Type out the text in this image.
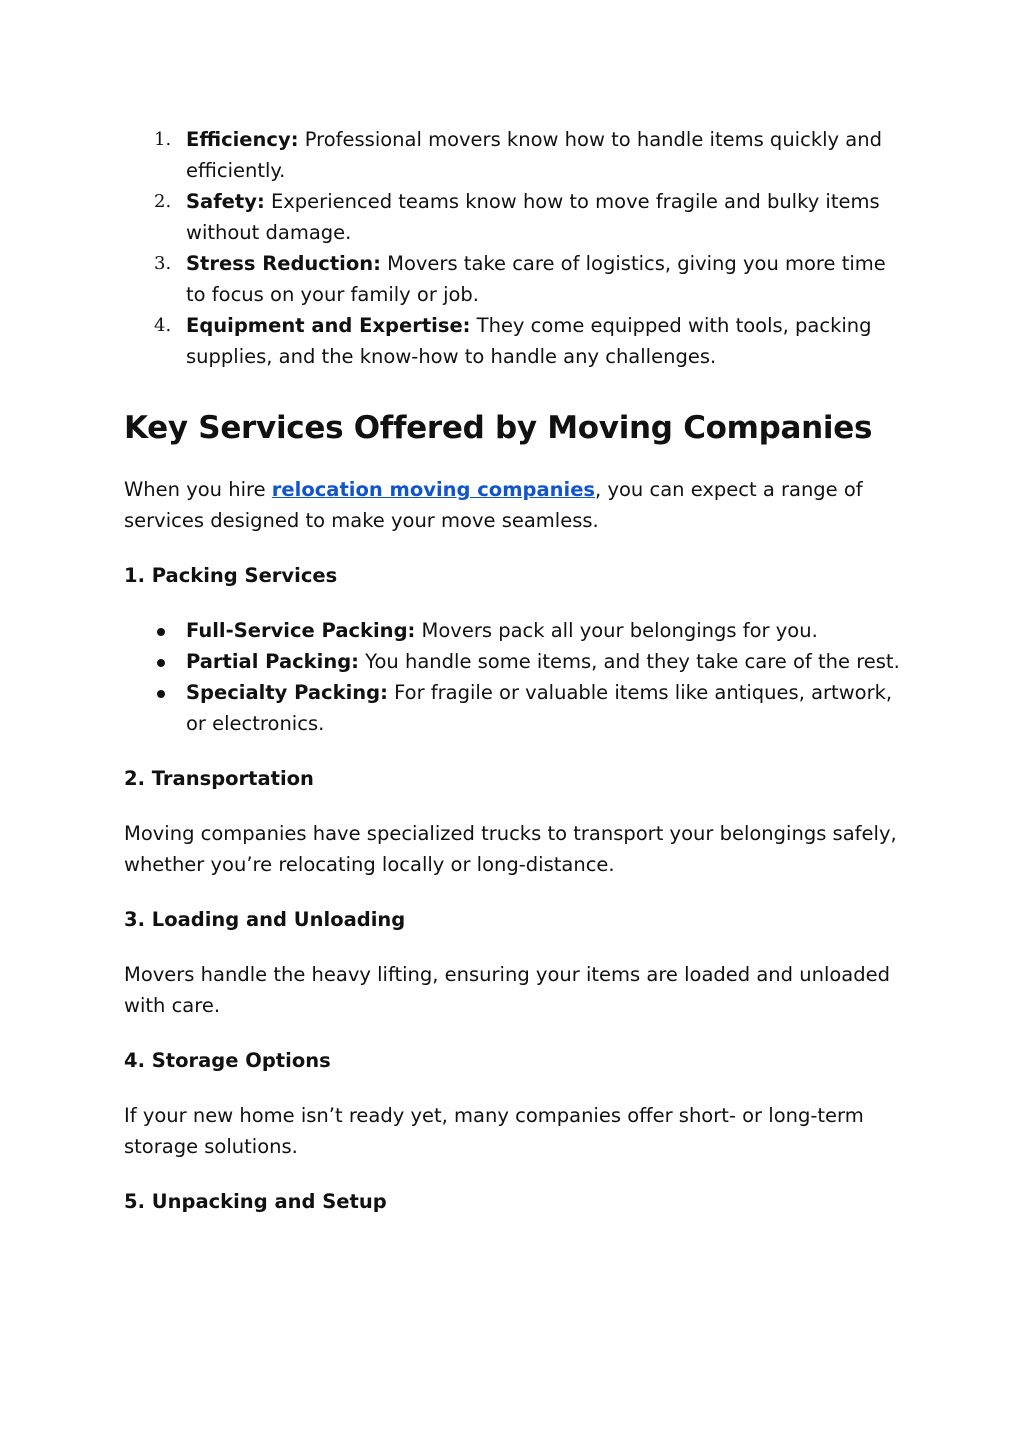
1. Efficiency: Professional movers know how to handle items quickly and efficiently.
2. Safety: Experienced teams know how to move fragile and bulky items without damage.
3. Stress Reduction: Movers take care of logistics, giving you more time to focus on your family or job.
4. Equipment and Expertise: They come equipped with tools, packing supplies, and the know-how to handle any challenges.
Key Services Offered by Moving Companies

When you hire relocation moving companies, you can expect a range of services designed to make your move seamless.

1. Packing Services
Full-Service Packing: Movers pack all your belongings for you.
Partial Packing: You handle some items, and they take care of the rest.
Specialty Packing: For fragile or valuable items like antiques, artwork, or electronics.
2. Transportation

Moving companies have specialized trucks to transport your belongings safely, whether you’re relocating locally or long-distance.

3. Loading and Unloading

Movers handle the heavy lifting, ensuring your items are loaded and unloaded with care.

4. Storage Options

If your new home isn’t ready yet, many companies offer short- or long-term storage solutions.

5. Unpacking and Setup
